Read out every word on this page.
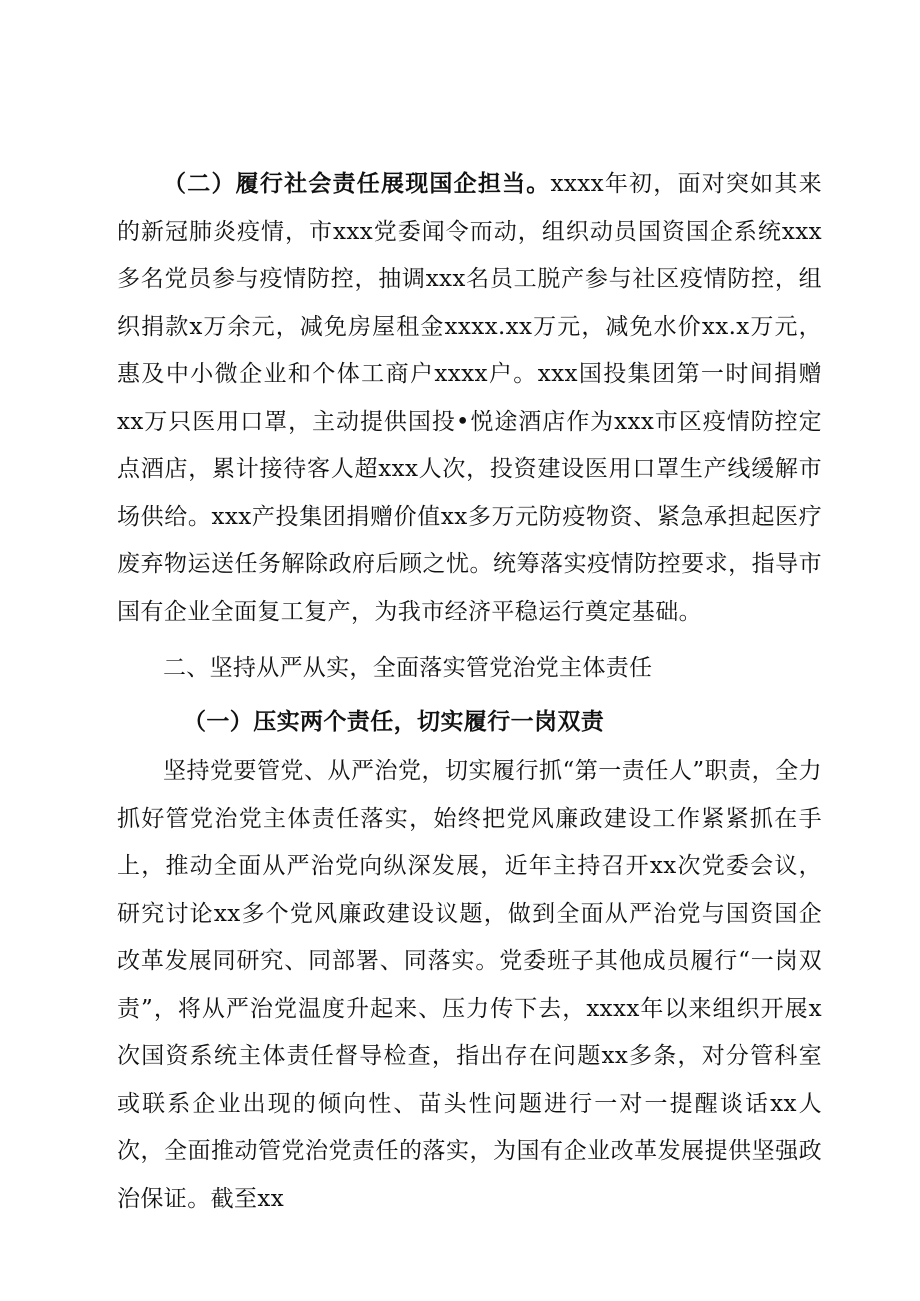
（二）履行社会责任展现国企担当。xxxx年初，面对突如其来的新冠肺炎疫情，市xxx党委闻令而动，组织动员国资国企系统xxx多名党员参与疫情防控，抽调xxx名员工脱产参与社区疫情防控，组织捐款x万余元，减免房屋租金xxxx.xx万元，减免水价xx.x万元，惠及中小微企业和个体工商户xxxx户。xxx国投集团第一时间捐赠xx万只医用口罩，主动提供国投•悦途酒店作为xxx市区疫情防控定点酒店，累计接待客人超xxx人次，投资建设医用口罩生产线缓解市场供给。xxx产投集团捐赠价值xx多万元防疫物资、紧急承担起医疗废弃物运送任务解除政府后顾之忧。统筹落实疫情防控要求，指导市国有企业全面复工复产，为我市经济平稳运行奠定基础。

二、坚持从严从实，全面落实管党治党主体责任
（一）压实两个责任，切实履行一岗双责

坚持党要管党、从严治党，切实履行抓“第一责任人”职责，全力抓好管党治党主体责任落实，始终把党风廉政建设工作紧紧抓在手上，推动全面从严治党向纵深发展，近年主持召开xx次党委会议，研究讨论xx多个党风廉政建设议题，做到全面从严治党与国资国企改革发展同研究、同部署、同落实。党委班子其他成员履行“一岗双责”，将从严治党温度升起来、压力传下去，xxxx年以来组织开展x次国资系统主体责任督导检查，指出存在问题xx多条，对分管科室或联系企业出现的倾向性、苗头性问题进行一对一提醒谈话xx人次，全面推动管党治党责任的落实，为国有企业改革发展提供坚强政治保证。截至xx
